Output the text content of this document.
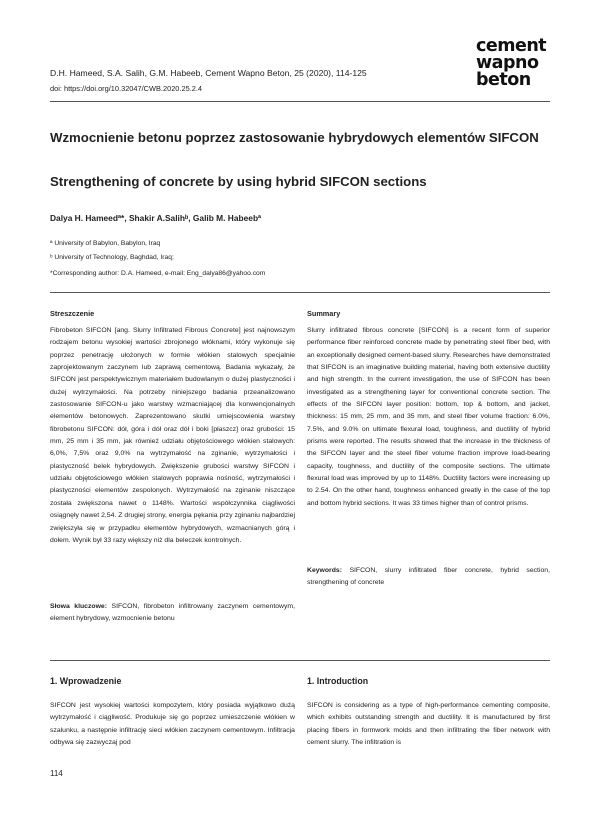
D.H. Hameed, S.A. Salih, G.M. Habeeb, Cement Wapno Beton, 25 (2020), 114-125
doi: https://doi.org/10.32047/CWB.2020.25.2.4
cement
wapno
beton
Wzmocnienie betonu poprzez zastosowanie hybrydowych elementów SIFCON
Strengthening of concrete by using hybrid SIFCON sections
Dalya H. Hameedª*, Shakir A.Salihᵇ, Galib M. Habeebª
ª University of Babylon, Babylon, Iraq
ᵇ University of Technology, Baghdad, Iraq;
*Corresponding author: D.A. Hameed, e-mail: Eng_dalya86@yahoo.com
Streszczenie
Fibrobeton SIFCON [ang. Slurry Infiltrated Fibrous Concrete] jest najnowszym rodzajem betonu wysokiej wartości zbrojonego włóknami, który wykonuje się poprzez penetrację ułożonych w formie włókien stalowych specjalnie zaprojektowanym zaczynem lub zaprawą cementową. Badania wykazały, że SIFCON jest perspektywicznym materiałem budowlanym o dużej plastyczności i dużej wytrzymałości. Na potrzeby niniejszego badania przeanalizowano zastosowanie SIFCON-u jako warstwy wzmacniającej dla konwencjonalnych elementów betonowych. Zaprezentowano skutki umiejscowienia warstwy fibrobetonu SIFCON: dół, góra i dół oraz dół i boki [płaszcz] oraz grubości: 15 mm, 25 mm i 35 mm, jak również udziału objętościowego włókien stalowych: 6,0%, 7,5% oraz 9,0% na wytrzymałość na zginanie, wytrzymałości i plastyczność belek hybrydowych. Zwiększenie grubości warstwy SIFCON i udziału objętościowego włókien stalowych poprawia nośność, wytrzymałości i plastyczności elementów zespolonych. Wytrzymałość na zginanie niszczące została zwiększona nawet o 1148%. Wartości współczynnika ciągliwości osiągnęły nawet 2,54. Z drugiej strony, energia pękania przy zginaniu najbardziej zwiększyła się w przypadku elementów hybrydowych, wzmacnianych górą i dołem. Wynik był 33 razy większy niż dla beleczek kontrolnych.
Słowa kluczowe: SIFCON, fibrobeton infiltrowany zaczynem cementowym, element hybrydowy, wzmocnienie betonu
Summary
Slurry infiltrated fibrous concrete [SIFCON] is a recent form of superior performance fiber reinforced concrete made by penetrating steel fiber bed, with an exceptionally designed cement-based slurry. Researches have demonstrated that SIFCON is an imaginative building material, having both extensive ductility and high strength. In the current investigation, the use of SIFCON has been investigated as a strengthening layer for conventional concrete section. The effects of the SIFCON layer position: bottom, top & bottom, and jacket, thickness: 15 mm, 25 mm, and 35 mm, and steel fiber volume fraction: 6.0%, 7.5%, and 9.0% on ultimate flexural load, toughness, and ductility of hybrid prisms were reported. The results showed that the increase in the thickness of the SIFCON layer and the steel fiber volume fraction improve load-bearing capacity, toughness, and ductility of the composite sections. The ultimate flexural load was improved by up to 1148%. Ductility factors were increasing up to 2.54. On the other hand, toughness enhanced greatly in the case of the top and bottom hybrid sections. It was 33 times higher than of control prisms.
Keywords: SIFCON, slurry infiltrated fiber concrete, hybrid section, strengthening of concrete
1. Wprowadzenie
SIFCON jest wysokiej wartości kompozytem, który posiada wyjątkowo dużą wytrzymałość i ciągliwość. Produkuje się go poprzez umieszczenie włókien w szalunku, a następnie infiltrację sieci włókien zaczynem cementowym. Infiltracja odbywa się zazwyczaj pod
1. Introduction
SIFCON is considering as a type of high-performance cementing composite, which exhibits outstanding strength and ductility. It is manufactured by first placing fibers in formwork molds and then infiltrating the fiber network with cement slurry. The infiltration is
114
